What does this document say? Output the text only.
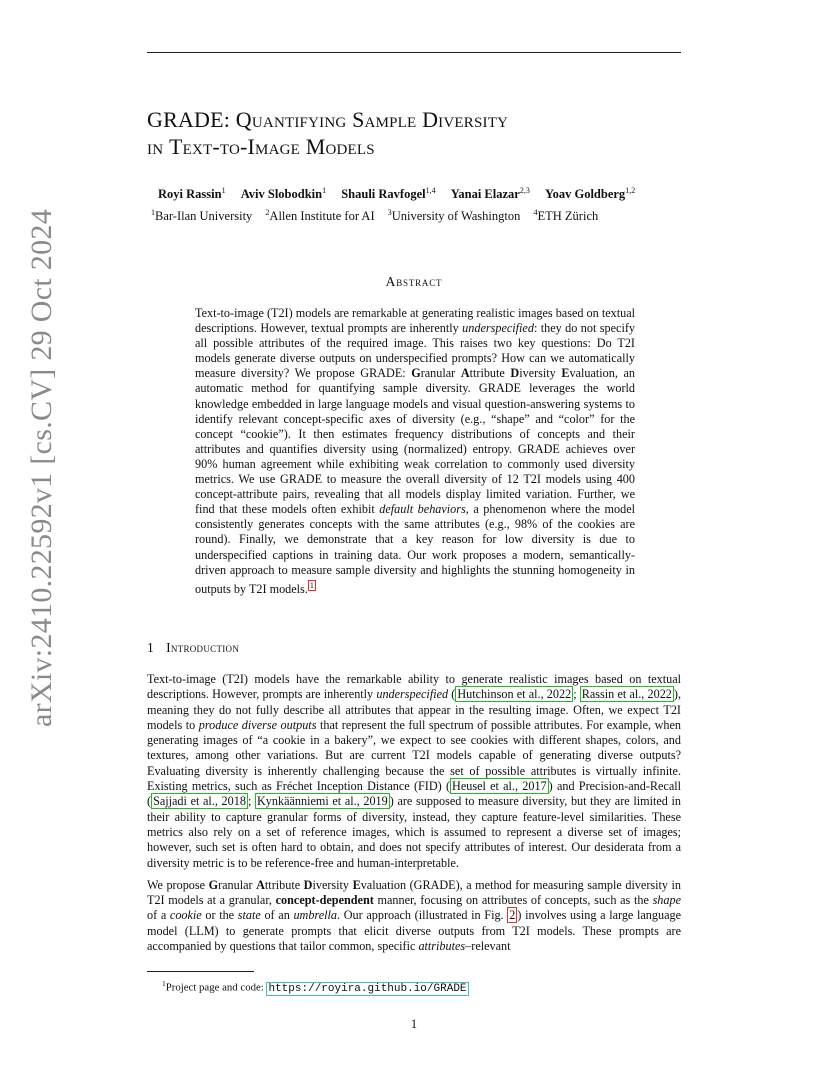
arXiv:2410.22592v1 [cs.CV] 29 Oct 2024
GRADE: Quantifying Sample Diversity
in Text-to-Image Models
Royi Rassin$^1$ Aviv Slobodkin$^1$ Shauli Ravfogel$^{1,4}$ Yanai Elazar$^{2,3}$ Yoav Goldberg$^{1,2}$
$^1$Bar-Ilan University $^2$Allen Institute for AI $^3$University of Washington $^4$ETH Zürich
Abstract
Text-to-image (T2I) models are remarkable at generating realistic images based on textual descriptions. However, textual prompts are inherently underspecified: they do not specify all possible attributes of the required image. This raises two key questions: Do T2I models generate diverse outputs on underspecified prompts? How can we automatically measure diversity? We propose GRADE: Granular Attribute Diversity Evaluation, an automatic method for quantifying sample diversity. GRADE leverages the world knowledge embedded in large language models and visual question-answering systems to identify relevant concept-specific axes of diversity (e.g., “shape” and “color” for the concept “cookie”). It then estimates frequency distributions of concepts and their attributes and quantifies diversity using (normalized) entropy. GRADE achieves over 90% human agreement while exhibiting weak correlation to commonly used diversity metrics. We use GRADE to measure the overall diversity of 12 T2I models using 400 concept-attribute pairs, revealing that all models display limited variation. Further, we find that these models often exhibit default behaviors, a phenomenon where the model consistently generates concepts with the same attributes (e.g., 98% of the cookies are round). Finally, we demonstrate that a key reason for low diversity is due to underspecified captions in training data. Our work proposes a modern, semantically-driven approach to measure sample diversity and highlights the stunning homogeneity in outputs by T2I models. $^1$
1 Introduction

Text-to-image (T2I) models have the remarkable ability to generate realistic images based on textual descriptions. However, prompts are inherently underspecified ( Hutchinson et al., 2022 ; Rassin et al., 2022 ), meaning they do not fully describe all attributes that appear in the resulting image. Often, we expect T2I models to produce diverse outputs that represent the full spectrum of possible attributes. For example, when generating images of “a cookie in a bakery”, we expect to see cookies with different shapes, colors, and textures, among other variations. But are current T2I models capable of generating diverse outputs? Evaluating diversity is inherently challenging because the set of possible attributes is virtually infinite. Existing metrics, such as Fréchet Inception Distance (FID) ( Heusel et al., 2017 ) and Precision-and-Recall ( Sajjadi et al., 2018 ; Kynkäänniemi et al., 2019 ) are supposed to measure diversity, but they are limited in their ability to capture granular forms of diversity, instead, they capture feature-level similarities. These metrics also rely on a set of reference images, which is assumed to represent a diverse set of images; however, such set is often hard to obtain, and does not specify attributes of interest. Our desiderata from a diversity metric is to be reference-free and human-interpretable.

We propose Granular Attribute Diversity Evaluation (GRADE), a method for measuring sample diversity in T2I models at a granular, concept-dependent manner, focusing on attributes of concepts, such as the shape of a cookie or the state of an umbrella. Our approach (illustrated in Fig. 2 ) involves using a large language model (LLM) to generate prompts that elicit diverse outputs from T2I models. These prompts are accompanied by questions that tailor common, specific attributes–relevant

$^1$Project page and code: https://royira.github.io/GRADE
1
